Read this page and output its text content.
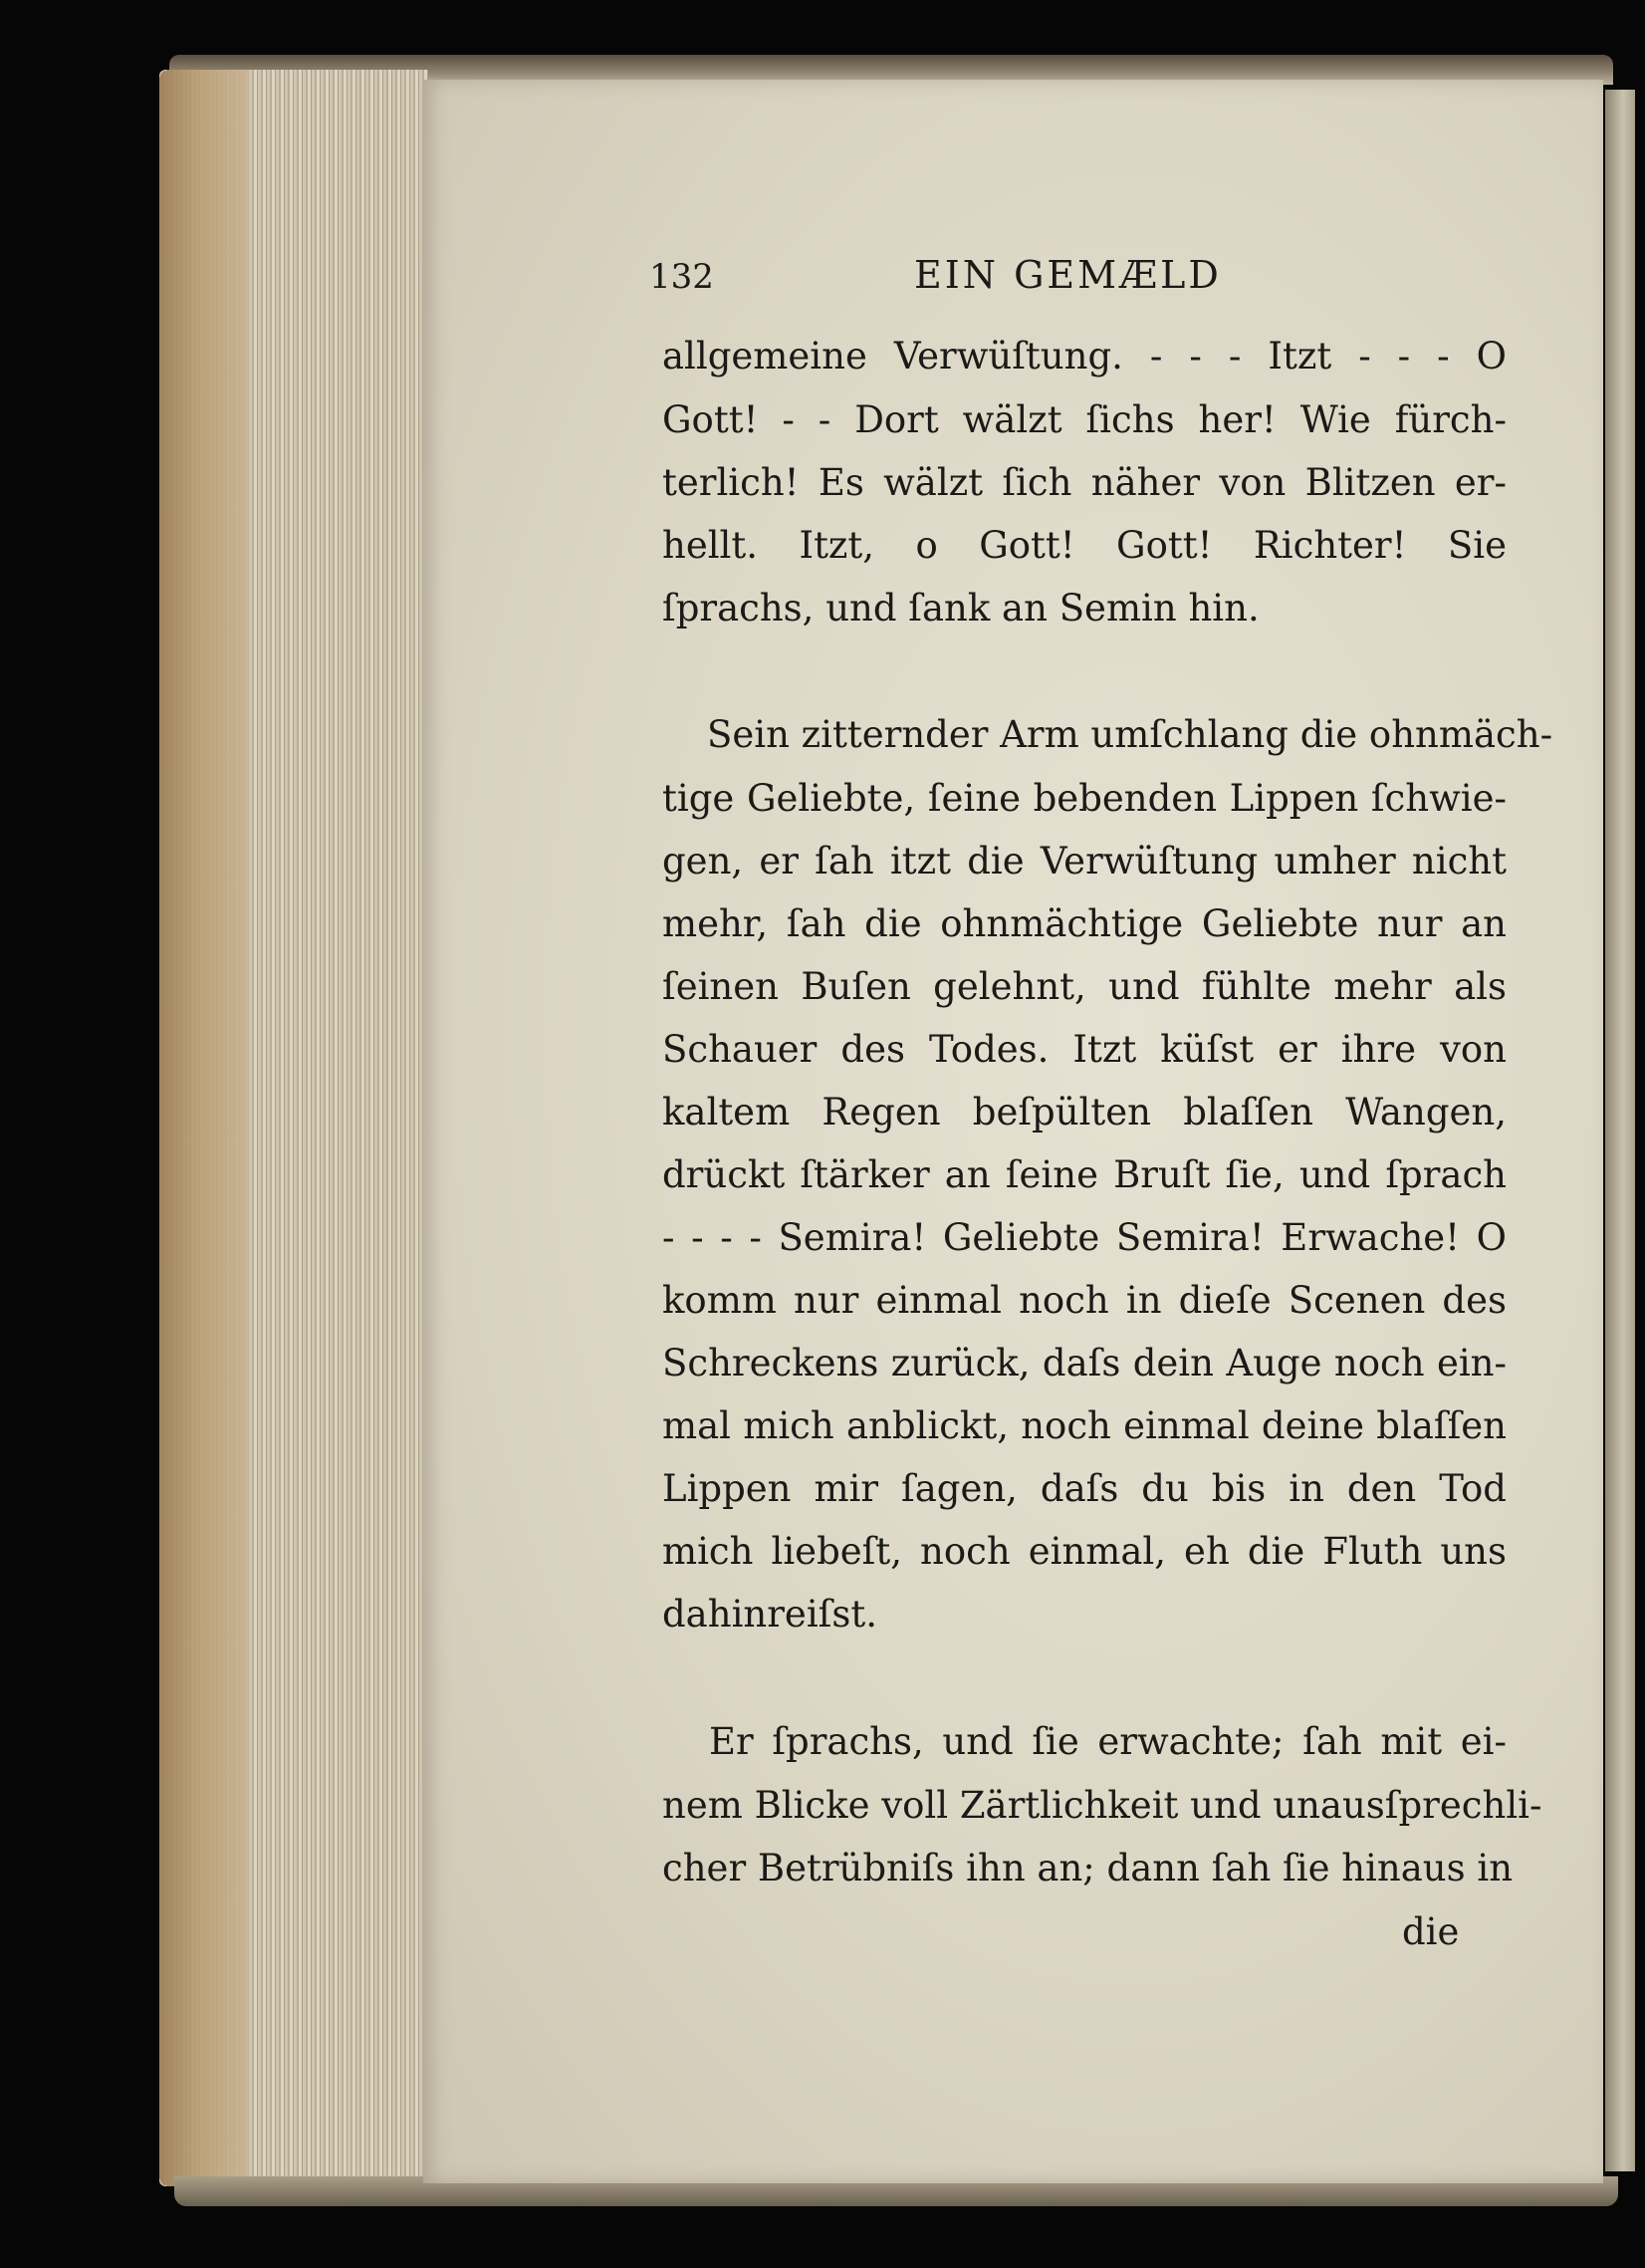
132	EIN GEMÆLD
allgemeine Verwüſtung. - - - Itzt - - - O
Gott! - - Dort wälzt ſichs her! Wie fürch-
terlich! Es wälzt ſich näher von Blitzen er-
hellt. Itzt, o Gott! Gott! Richter! Sie
ſprachs, und ſank an Semin hin.
Sein zitternder Arm umſchlang die ohnmäch-
tige Geliebte, ſeine bebenden Lippen ſchwie-
gen, er ſah itzt die Verwüſtung umher nicht
mehr, ſah die ohnmächtige Geliebte nur an
ſeinen Buſen gelehnt, und fühlte mehr als
Schauer des Todes. Itzt küſst er ihre von
kaltem Regen beſpülten blaſſen Wangen,
drückt ſtärker an ſeine Bruſt ſie, und ſprach
- - - - Semira! Geliebte Semira! Erwache! O
komm nur einmal noch in dieſe Scenen des
Schreckens zurück, daſs dein Auge noch ein-
mal mich anblickt, noch einmal deine blaſſen
Lippen mir ſagen, daſs du bis in den Tod
mich liebeſt, noch einmal, eh die Fluth uns
dahinreiſst.
Er ſprachs, und ſie erwachte; ſah mit ei-
nem Blicke voll Zärtlichkeit und unausſprechli-
cher Betrübniſs ihn an; dann ſah ſie hinaus in
die
